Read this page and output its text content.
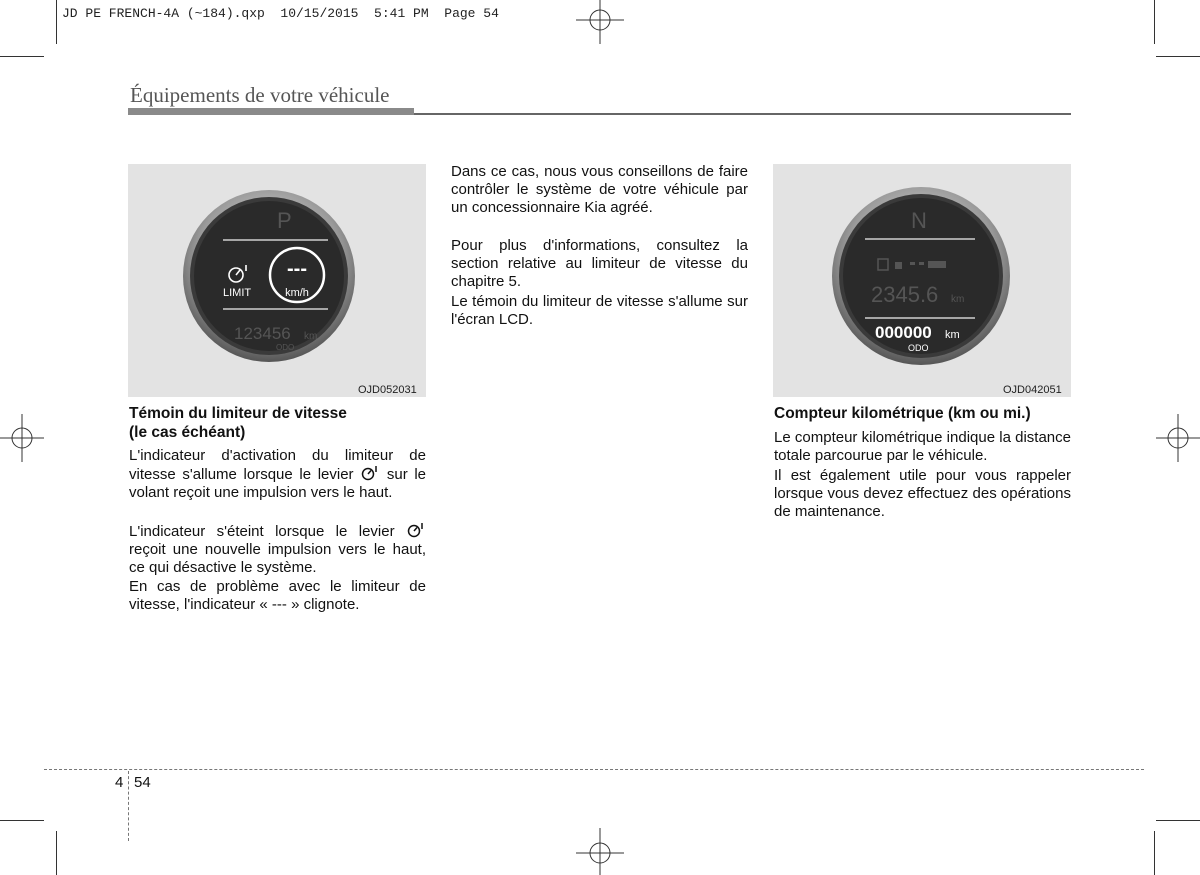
JD PE FRENCH-4A (~184).qxp  10/15/2015  5:41 PM  Page 54
Équipements de votre véhicule
P
LIMIT
---
km/h
123456 km
ODO
OJD052031
N
2345.6 km
000000 km
ODO
OJD042051
Témoin du limiteur de vitesse
(le cas échéant)
L'indicateur d'activation du limiteur de vitesse s'allume lorsque le levier sur le volant reçoit une impulsion vers le haut.
L'indicateur s'éteint lorsque le levier  reçoit une nouvelle impulsion vers le haut, ce qui désactive le système.
En cas de problème avec le limiteur de vitesse, l'indicateur « --- » clignote.
Dans ce cas, nous vous conseillons de faire contrôler le système de votre véhicule par un concessionnaire Kia agréé.
Pour plus d'informations, consultez la section relative au limiteur de vitesse du chapitre 5.
Le témoin du limiteur de vitesse s'allume sur l'écran LCD.
Compteur kilométrique (km ou mi.)
Le compteur kilométrique indique la distance totale parcourue par le véhicule.
Il est également utile pour vous rappeler lorsque vous devez effectuez des opérations de maintenance.
4 54
